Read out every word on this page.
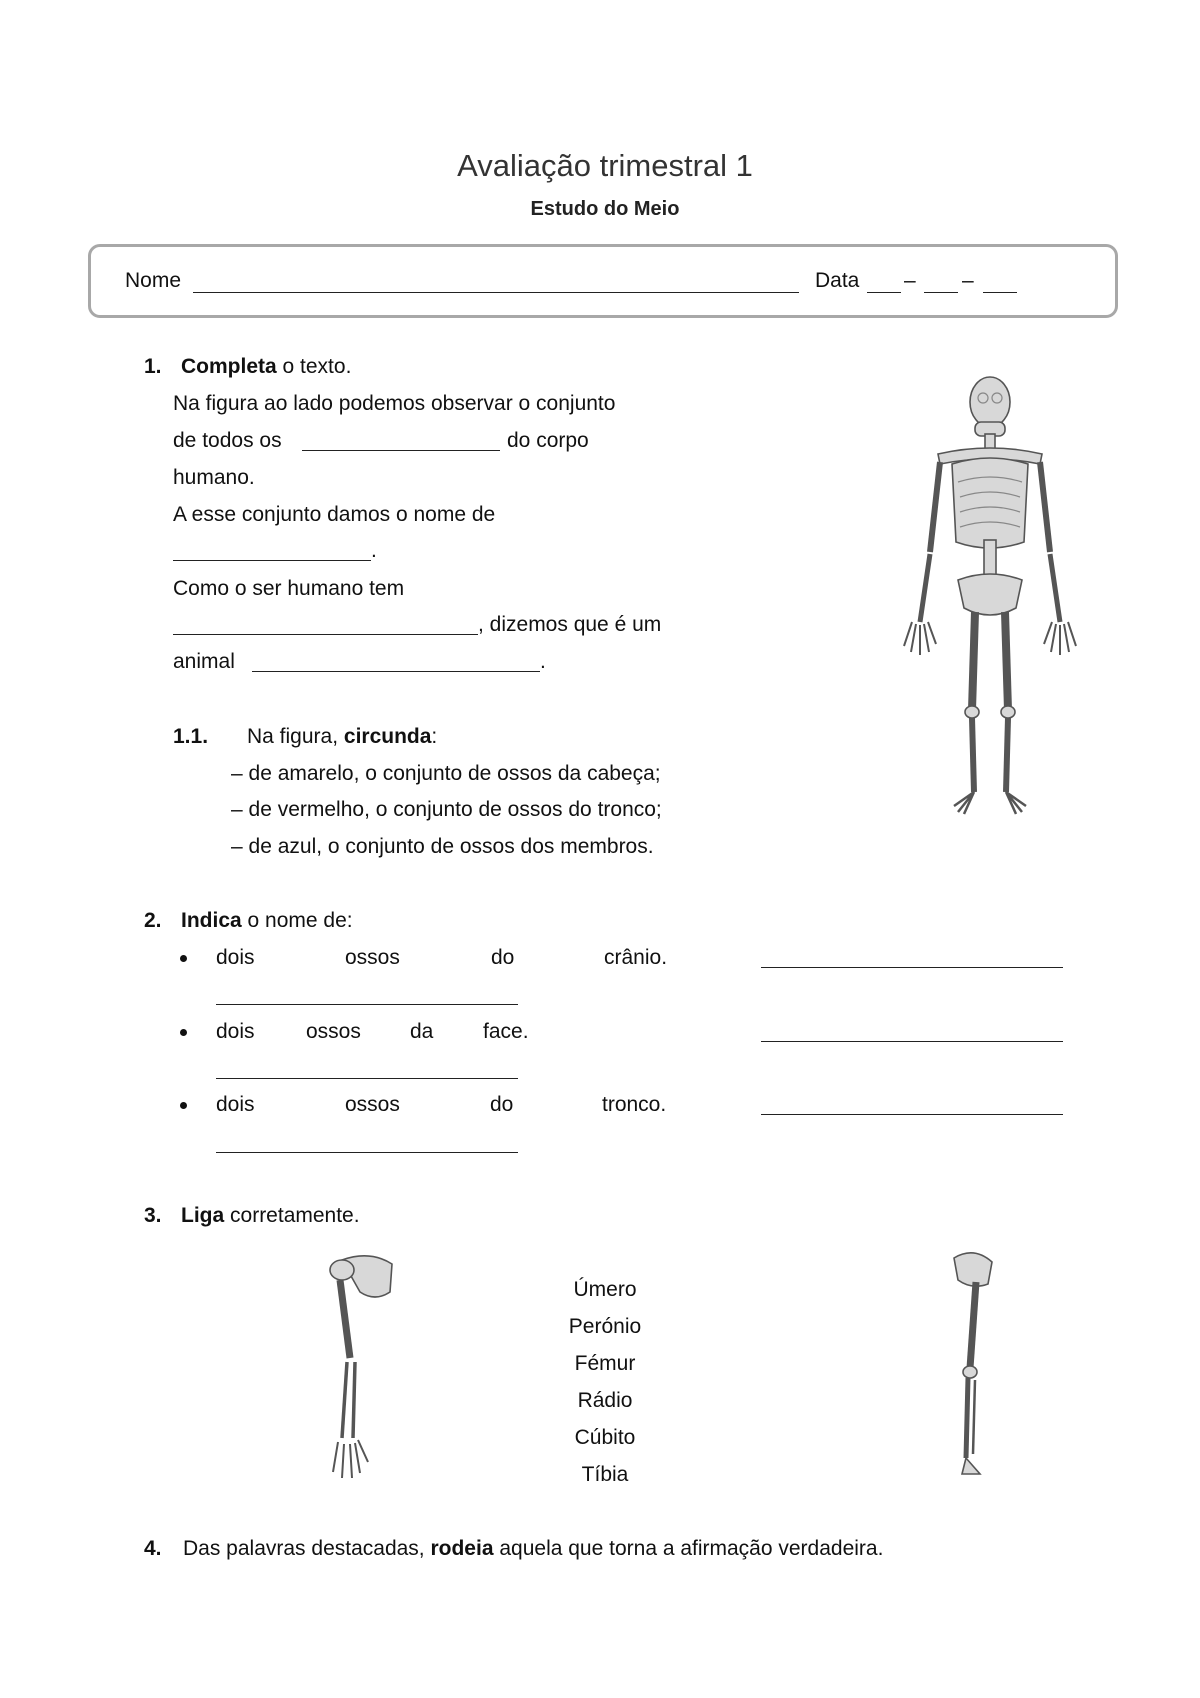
Avaliação trimestral 1
Estudo do Meio
Nome	Data – –
1. Completa o texto.
Na figura ao lado podemos observar o conjunto
de todos os	do corpo
humano.
A esse conjunto damos o nome de
.
Como o ser humano tem
, dizemos que é um
animal	.
1.1. Na figura, circunda:
– de amarelo, o conjunto de ossos da cabeça;
– de vermelho, o conjunto de ossos do tronco;
– de azul, o conjunto de ossos dos membros.
2. Indica o nome de:
dois	ossos	do	crânio.
dois ossos da face.
dois	ossos	do	tronco.
3. Liga corretamente.
Úmero
Perónio
Fémur
Rádio
Cúbito
Tíbia
4. Das palavras destacadas, rodeia aquela que torna a afirmação verdadeira.
